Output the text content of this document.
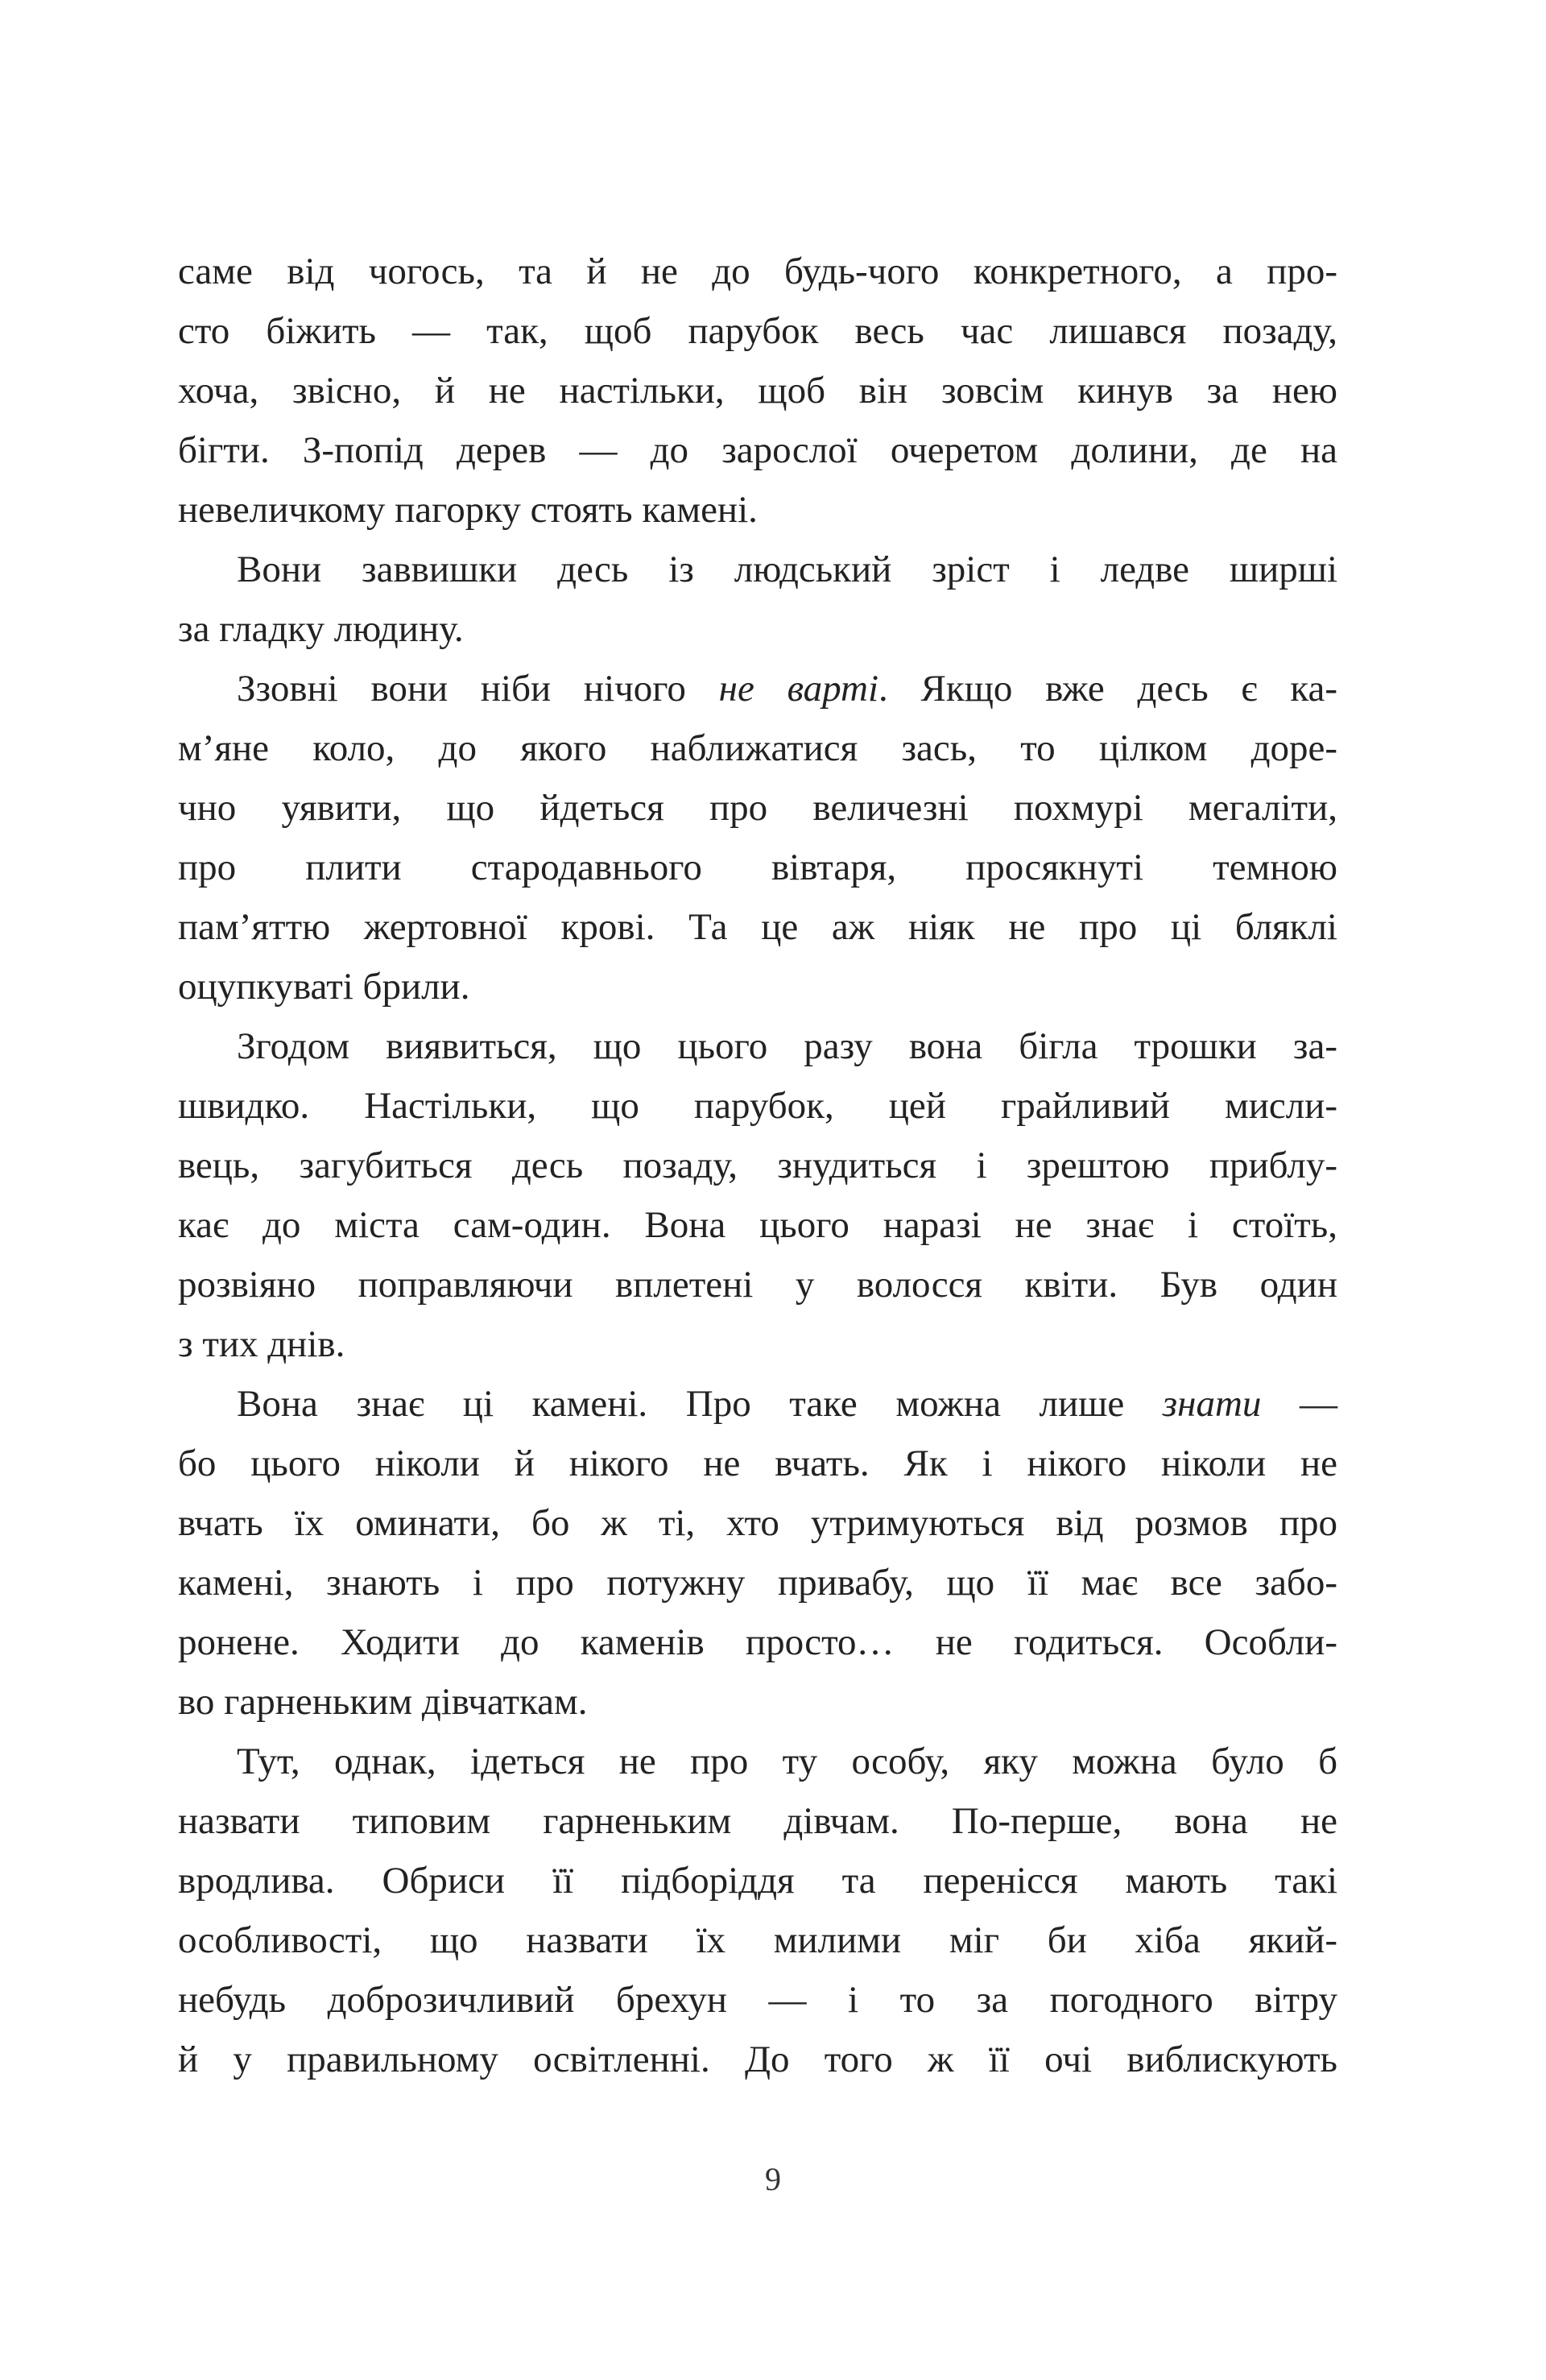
саме від чогось, та й не до будь-чого конкретного, а про-
сто біжить — так, щоб парубок весь час лишався позаду,
хоча, звісно, й не настільки, щоб він зовсім кинув за нею
бігти. З-попід дерев — до зарослої очеретом долини, де на
невеличкому пагорку стоять камені.
Вони заввишки десь із людський зріст і ледве ширші
за гладку людину.
Ззовні вони ніби нічого не варті. Якщо вже десь є ка-
м’яне коло, до якого наближатися зась, то цілком доре-
чно уявити, що йдеться про величезні похмурі мегаліти,
про плити стародавнього вівтаря, просякнуті темною
пам’яттю жертовної крові. Та це аж ніяк не про ці бляклі
оцупкуваті брили.
Згодом виявиться, що цього разу вона бігла трошки за-
швидко. Настільки, що парубок, цей грайливий мисли-
вець, загубиться десь позаду, знудиться і зрештою приблу-
кає до міста сам-один. Вона цього наразі не знає і стоїть,
розвіяно поправляючи вплетені у волосся квіти. Був один
з тих днів.
Вона знає ці камені. Про таке можна лише знати —
бо цього ніколи й нікого не вчать. Як і нікого ніколи не
вчать їх оминати, бо ж ті, хто утримуються від розмов про
камені, знають і про потужну привабу, що її має все забо-
ронене. Ходити до каменів просто… не годиться. Особли-
во гарненьким дівчаткам.
Тут, однак, ідеться не про ту особу, яку можна було б
назвати типовим гарненьким дівчам. По-перше, вона не
вродлива. Обриси її підборіддя та перенісся мають такі
особливості, що назвати їх милими міг би хіба який-
небудь доброзичливий брехун — і то за погодного вітру
й у правильному освітленні. До того ж її очі виблискують
9
